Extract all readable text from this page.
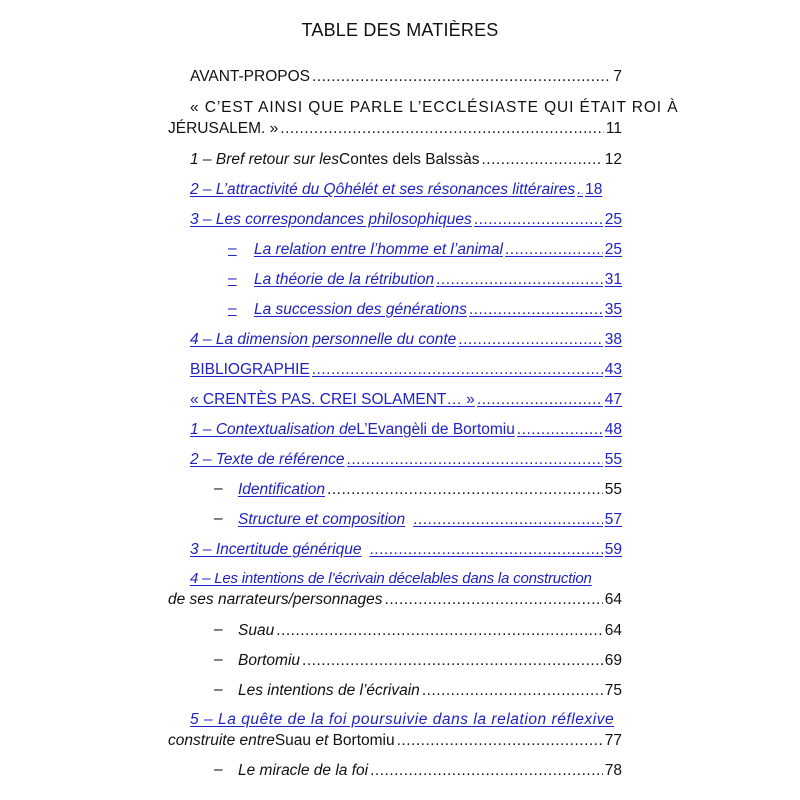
TABLE DES MATIÈRES
AVANT-PROPOS .....	7
« C’EST AINSI QUE PARLE L’ECCLÉSIASTE QUI ÉTAIT ROI À
JÉRUSALEM. » .....	11
1 – Bref retour sur les Contes dels Balssàs .....	12
2 – L’attractivité du Qôhélét et ses résonances littéraires ..... 18
3 – Les correspondances philosophiques .....	25
– La relation entre l’homme et l’animal .....	25
– La théorie de la rétribution .....	31
– La succession des générations .....	35
4 – La dimension personnelle du conte .....	38
BIBLIOGRAPHIE .....	43
« CRENTÈS PAS. CREI SOLAMENT… » .....	47
1 – Contextualisation de L’Evangèli de Bortomiu .....	48
2 – Texte de référence .....	55
– Identification .....	55
– Structure et composition .....	57
3 – Incertitude générique .....	59
4 – Les intentions de l’écrivain décelables dans la construction
de ses narrateurs/personnages .....	64
– Suau .....	64
– Bortomiu .....	69
– Les intentions de l’écrivain .....	75
5 – La quête de la foi poursuivie dans la relation réflexive
construite entre Suau et Bortomiu .....	77
– Le miracle de la foi .....	78
